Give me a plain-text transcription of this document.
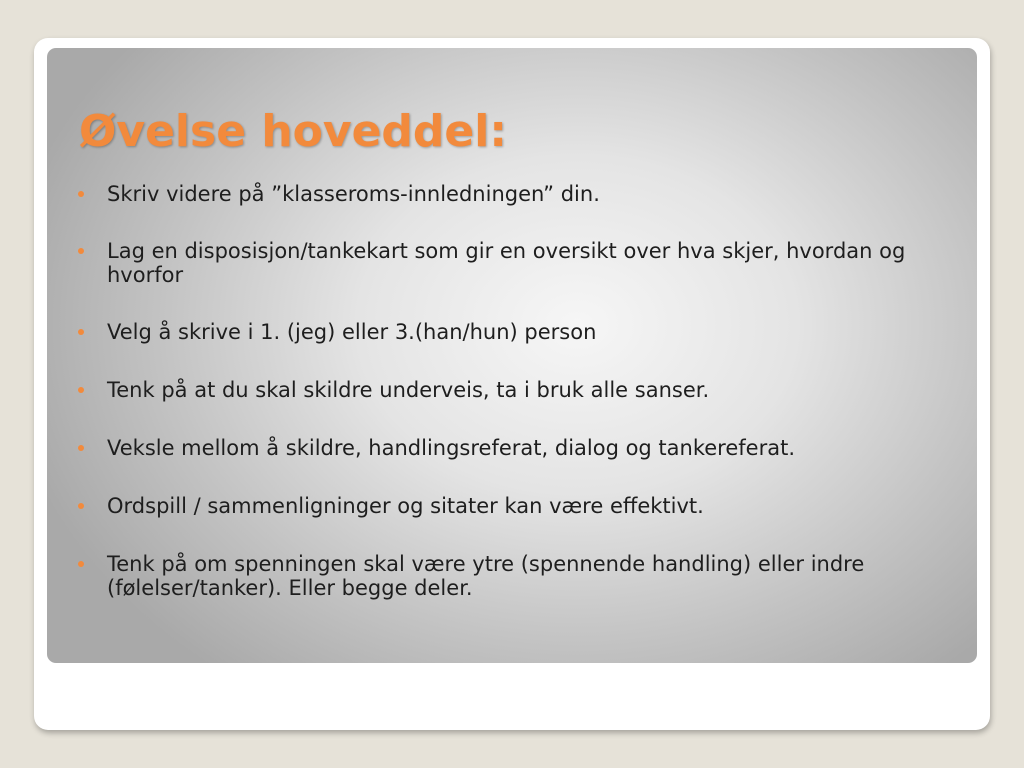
Øvelse hoveddel:
Skriv videre på ”klasseroms-innledningen” din.
Lag en disposisjon/tankekart som gir en oversikt over hva skjer, hvordan og hvorfor
Velg å skrive i 1. (jeg) eller 3.(han/hun) person
Tenk på at du skal skildre underveis, ta i bruk alle sanser.
Veksle mellom å skildre, handlingsreferat, dialog og tankereferat.
Ordspill / sammenligninger og sitater kan være effektivt.
Tenk på om spenningen skal være ytre (spennende handling) eller indre (følelser/tanker). Eller begge deler.
